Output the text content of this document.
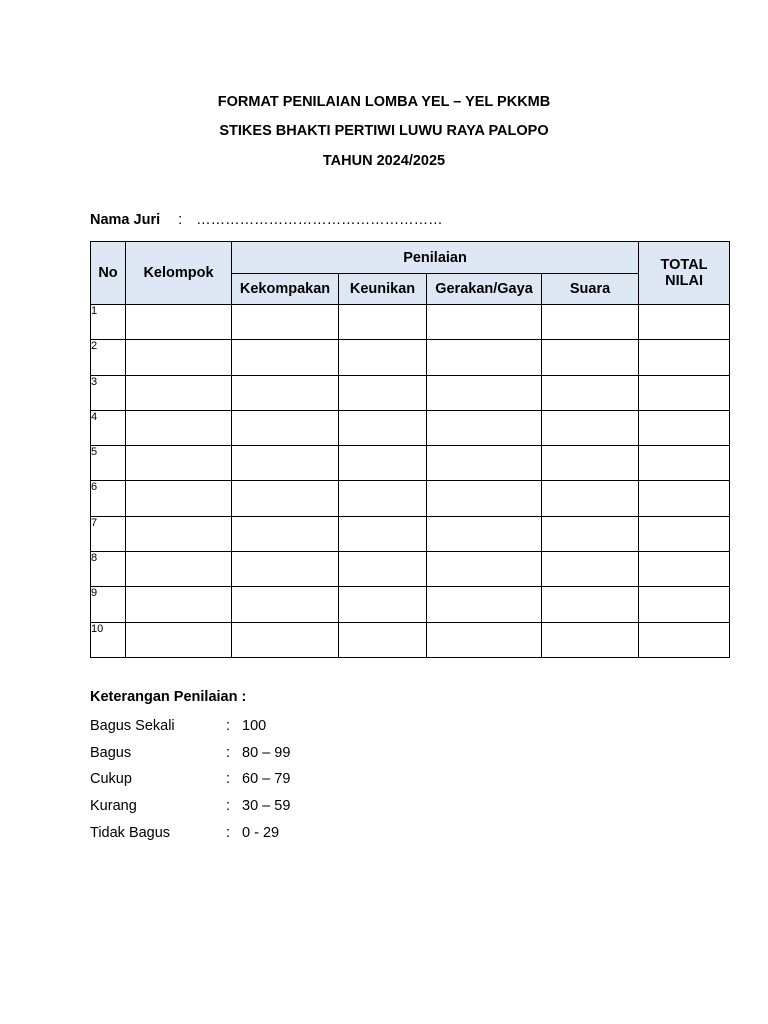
FORMAT PENILAIAN LOMBA YEL – YEL PKKMB
STIKES BHAKTI PERTIWI LUWU RAYA PALOPO
TAHUN 2024/2025
Nama Juri : ……………………………………………
No	Kelompok	Penilaian				TOTAL
NILAI
		Kekompakan	Keunikan	Gerakan/Gaya	Suara	
1						
2						
3						
4						
5						
6						
7						
8						
9						
10						
Keterangan Penilaian :
Bagus Sekali	: 100
Bagus	: 80 – 99
Cukup	: 60 – 79
Kurang	: 30 – 59
Tidak Bagus	: 0 - 29
